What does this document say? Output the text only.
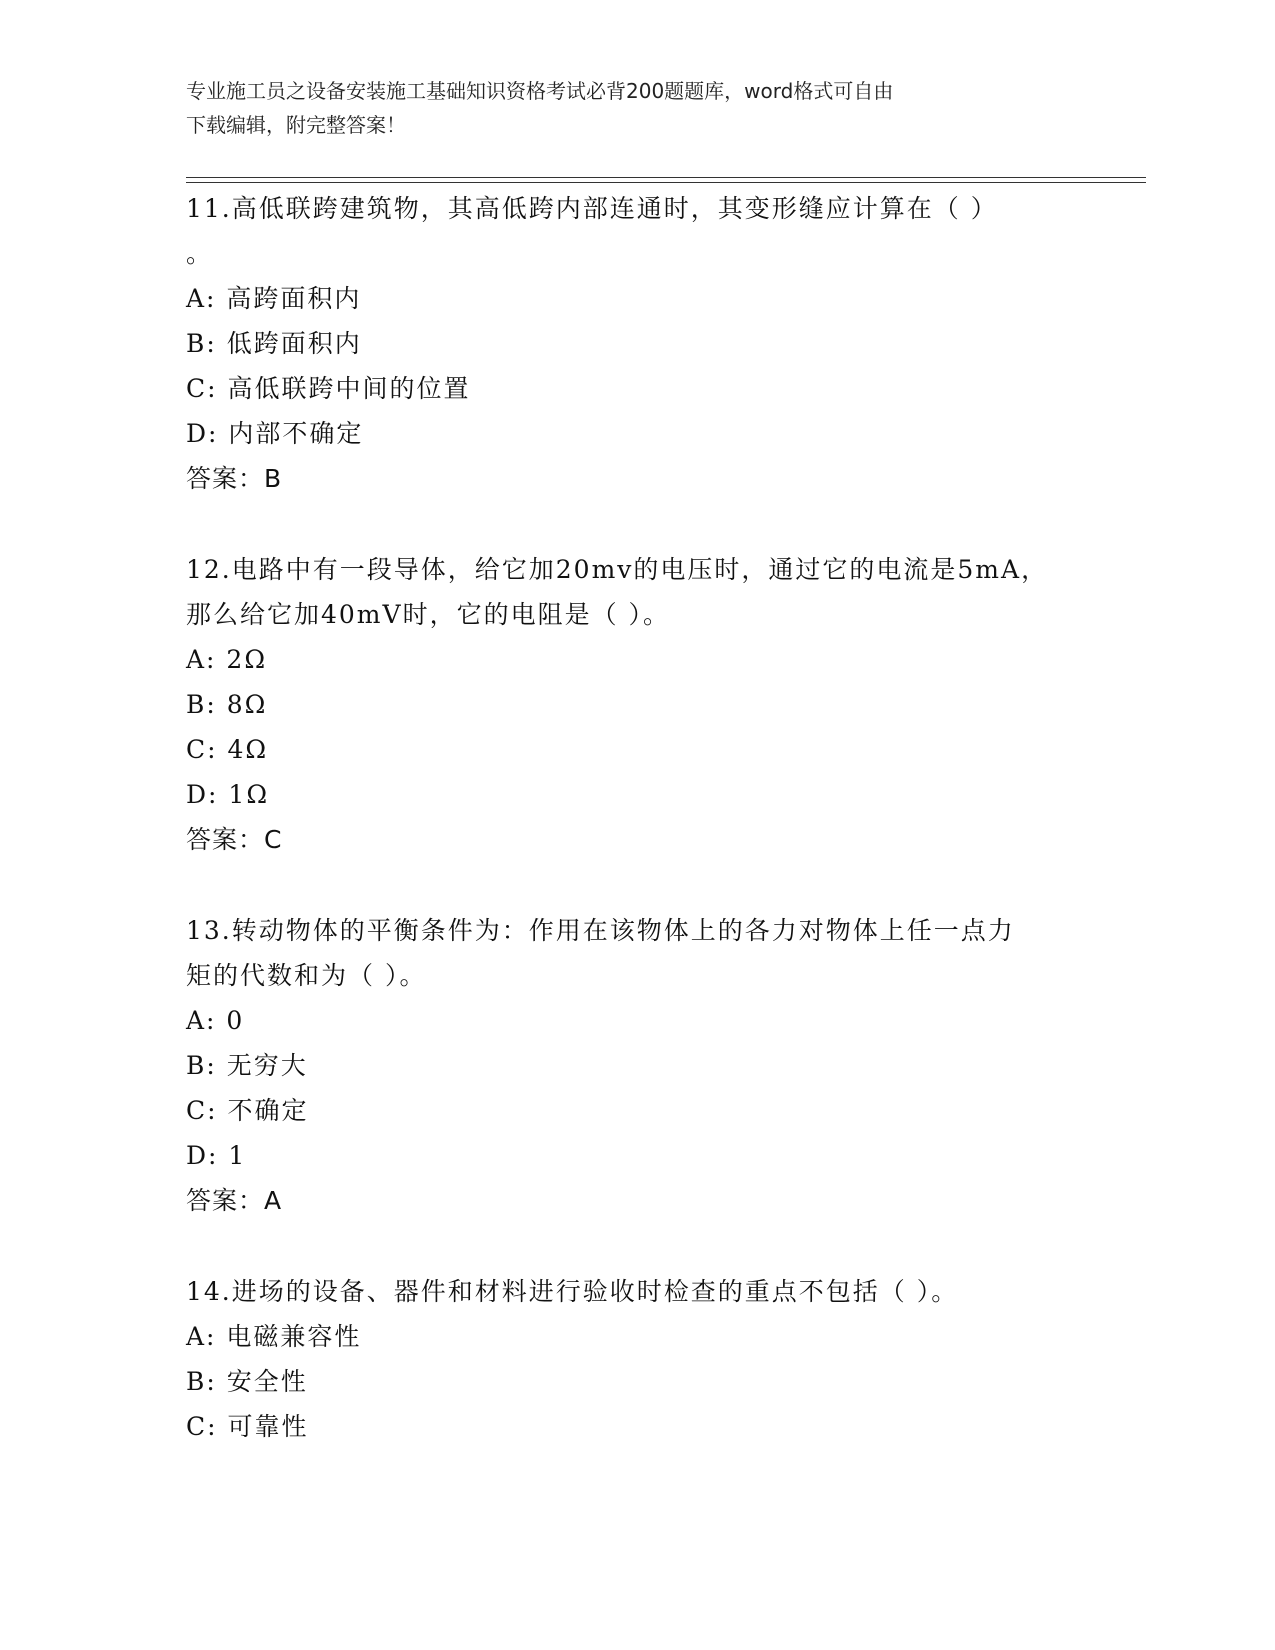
专业施工员之设备安装施工基础知识资格考试必背200题题库，word格式可自由
下载编辑，附完整答案！
11.高低联跨建筑物，其高低跨内部连通时，其变形缝应计算在（ ）
。
A: 高跨面积内
B: 低跨面积内
C: 高低联跨中间的位置
D: 内部不确定
答案：B
12.电路中有一段导体，给它加20mv的电压时，通过它的电流是5mA，
那么给它加40mV时，它的电阻是（ ）。
A: 2Ω
B: 8Ω
C: 4Ω
D: 1Ω
答案：C
13.转动物体的平衡条件为：作用在该物体上的各力对物体上任一点力
矩的代数和为（ ）。
A: 0
B: 无穷大
C: 不确定
D: 1
答案：A
14.进场的设备、器件和材料进行验收时检查的重点不包括（ ）。
A: 电磁兼容性
B: 安全性
C: 可靠性
